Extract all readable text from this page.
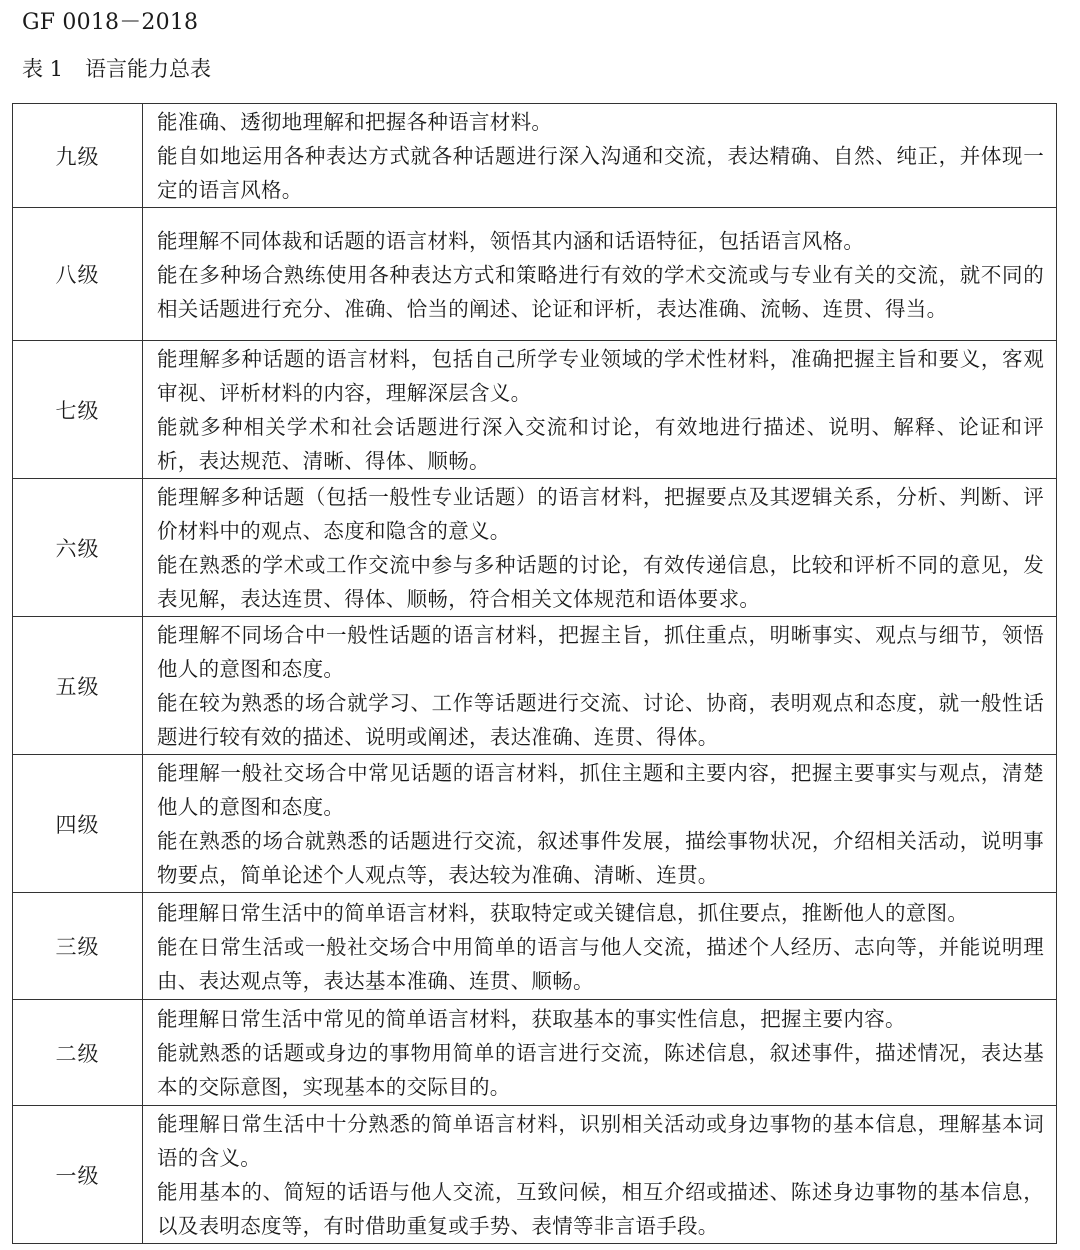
GF 0018－2018
表 1 语言能力总表
九级	能准确、透彻地理解和把握各种语言材料。

能自如地运用各种表达方式就各种话题进行深入沟通和交流，表达精确、自然、纯正，并体现一定的语言风格。

八级	能理解不同体裁和话题的语言材料，领悟其内涵和话语特征，包括语言风格。

能在多种场合熟练使用各种表达方式和策略进行有效的学术交流或与专业有关的交流，就不同的相关话题进行充分、准确、恰当的阐述、论证和评析，表达准确、流畅、连贯、得当。

七级	能理解多种话题的语言材料，包括自己所学专业领域的学术性材料，准确把握主旨和要义，客观审视、评析材料的内容，理解深层含义。

能就多种相关学术和社会话题进行深入交流和讨论，有效地进行描述、说明、解释、论证和评析，表达规范、清晰、得体、顺畅。

六级	能理解多种话题（包括一般性专业话题）的语言材料，把握要点及其逻辑关系，分析、判断、评价材料中的观点、态度和隐含的意义。

能在熟悉的学术或工作交流中参与多种话题的讨论，有效传递信息，比较和评析不同的意见，发表见解，表达连贯、得体、顺畅，符合相关文体规范和语体要求。

五级	能理解不同场合中一般性话题的语言材料，把握主旨，抓住重点，明晰事实、观点与细节，领悟他人的意图和态度。

能在较为熟悉的场合就学习、工作等话题进行交流、讨论、协商，表明观点和态度，就一般性话题进行较有效的描述、说明或阐述，表达准确、连贯、得体。

四级	能理解一般社交场合中常见话题的语言材料，抓住主题和主要内容，把握主要事实与观点，清楚他人的意图和态度。

能在熟悉的场合就熟悉的话题进行交流，叙述事件发展，描绘事物状况，介绍相关活动，说明事物要点，简单论述个人观点等，表达较为准确、清晰、连贯。

三级	能理解日常生活中的简单语言材料，获取特定或关键信息，抓住要点，推断他人的意图。

能在日常生活或一般社交场合中用简单的语言与他人交流，描述个人经历、志向等，并能说明理由、表达观点等，表达基本准确、连贯、顺畅。

二级	能理解日常生活中常见的简单语言材料，获取基本的事实性信息，把握主要内容。

能就熟悉的话题或身边的事物用简单的语言进行交流，陈述信息，叙述事件，描述情况，表达基本的交际意图，实现基本的交际目的。

一级	能理解日常生活中十分熟悉的简单语言材料，识别相关活动或身边事物的基本信息，理解基本词语的含义。

能用基本的、简短的话语与他人交流，互致问候，相互介绍或描述、陈述身边事物的基本信息，以及表明态度等，有时借助重复或手势、表情等非言语手段。
